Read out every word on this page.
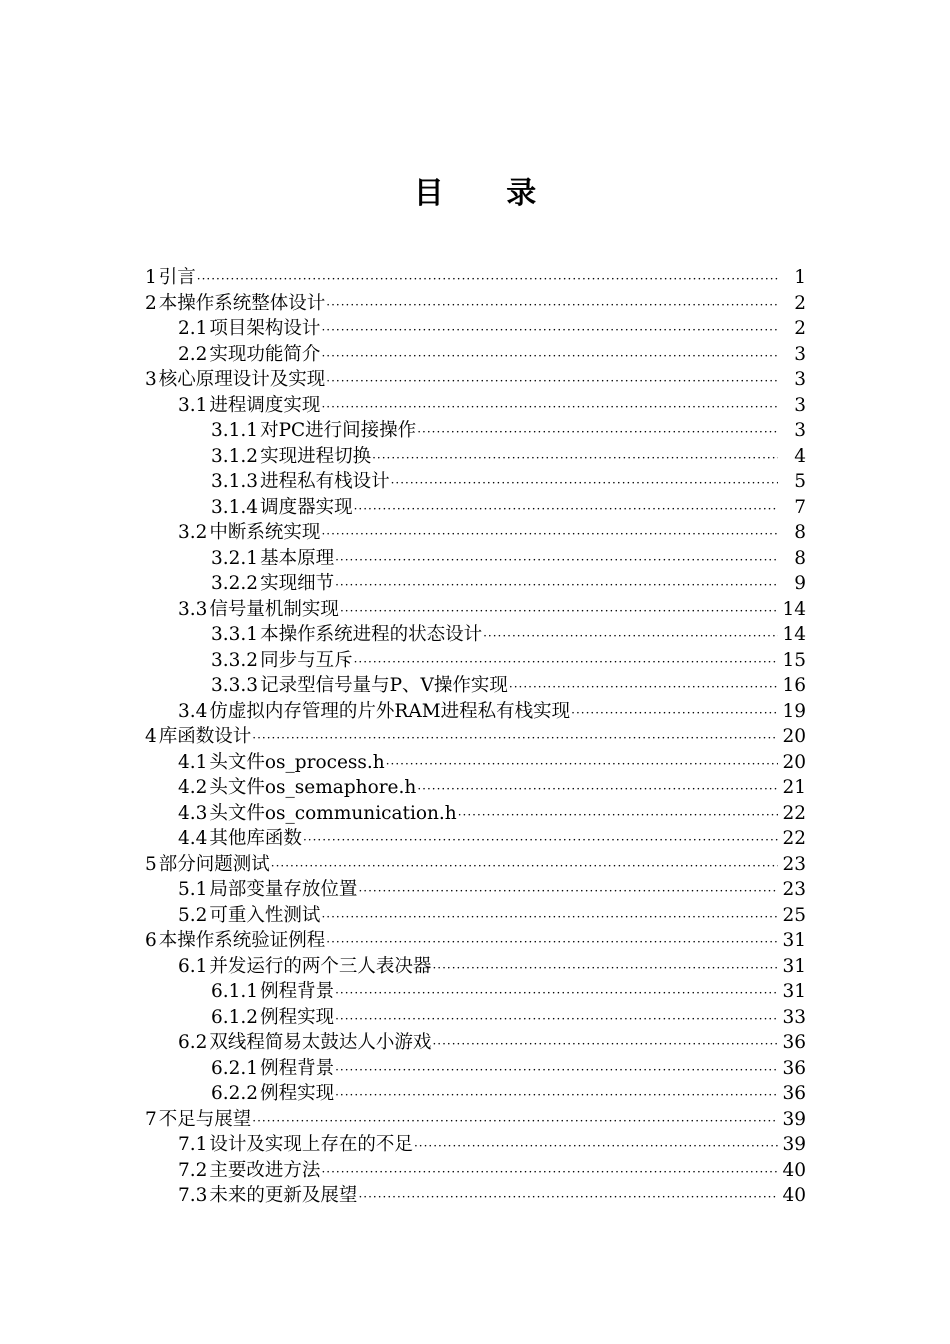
目 录
1 引言 ·····	1
2 本操作系统整体设计 ·····	2
2.1 项目架构设计 ·····	2
2.2 实现功能简介 ·····	3
3 核心原理设计及实现 ·····	3
3.1 进程调度实现 ·····	3
3.1.1 对PC进行间接操作 ·····	3
3.1.2 实现进程切换 ·····	4
3.1.3 进程私有栈设计 ·····	5
3.1.4 调度器实现 ·····	7
3.2 中断系统实现 ·····	8
3.2.1 基本原理 ·····	8
3.2.2 实现细节 ·····	9
3.3 信号量机制实现 ·····	14
3.3.1 本操作系统进程的状态设计 ·····	14
3.3.2 同步与互斥 ·····	15
3.3.3 记录型信号量与P、V操作实现 ·····	16
3.4 仿虚拟内存管理的片外RAM进程私有栈实现 ·····	19
4 库函数设计 ·····	20
4.1 头文件os_process.h ·····	20
4.2 头文件os_semaphore.h ·····	21
4.3 头文件os_communication.h ·····	22
4.4 其他库函数 ·····	22
5 部分问题测试 ·····	23
5.1 局部变量存放位置 ·····	23
5.2 可重入性测试 ·····	25
6 本操作系统验证例程 ·····	31
6.1 并发运行的两个三人表决器 ·····	31
6.1.1 例程背景 ·····	31
6.1.2 例程实现 ·····	33
6.2 双线程简易太鼓达人小游戏 ·····	36
6.2.1 例程背景 ·····	36
6.2.2 例程实现 ·····	36
7 不足与展望 ·····	39
7.1 设计及实现上存在的不足 ·····	39
7.2 主要改进方法 ·····	40
7.3 未来的更新及展望 ·····	40
